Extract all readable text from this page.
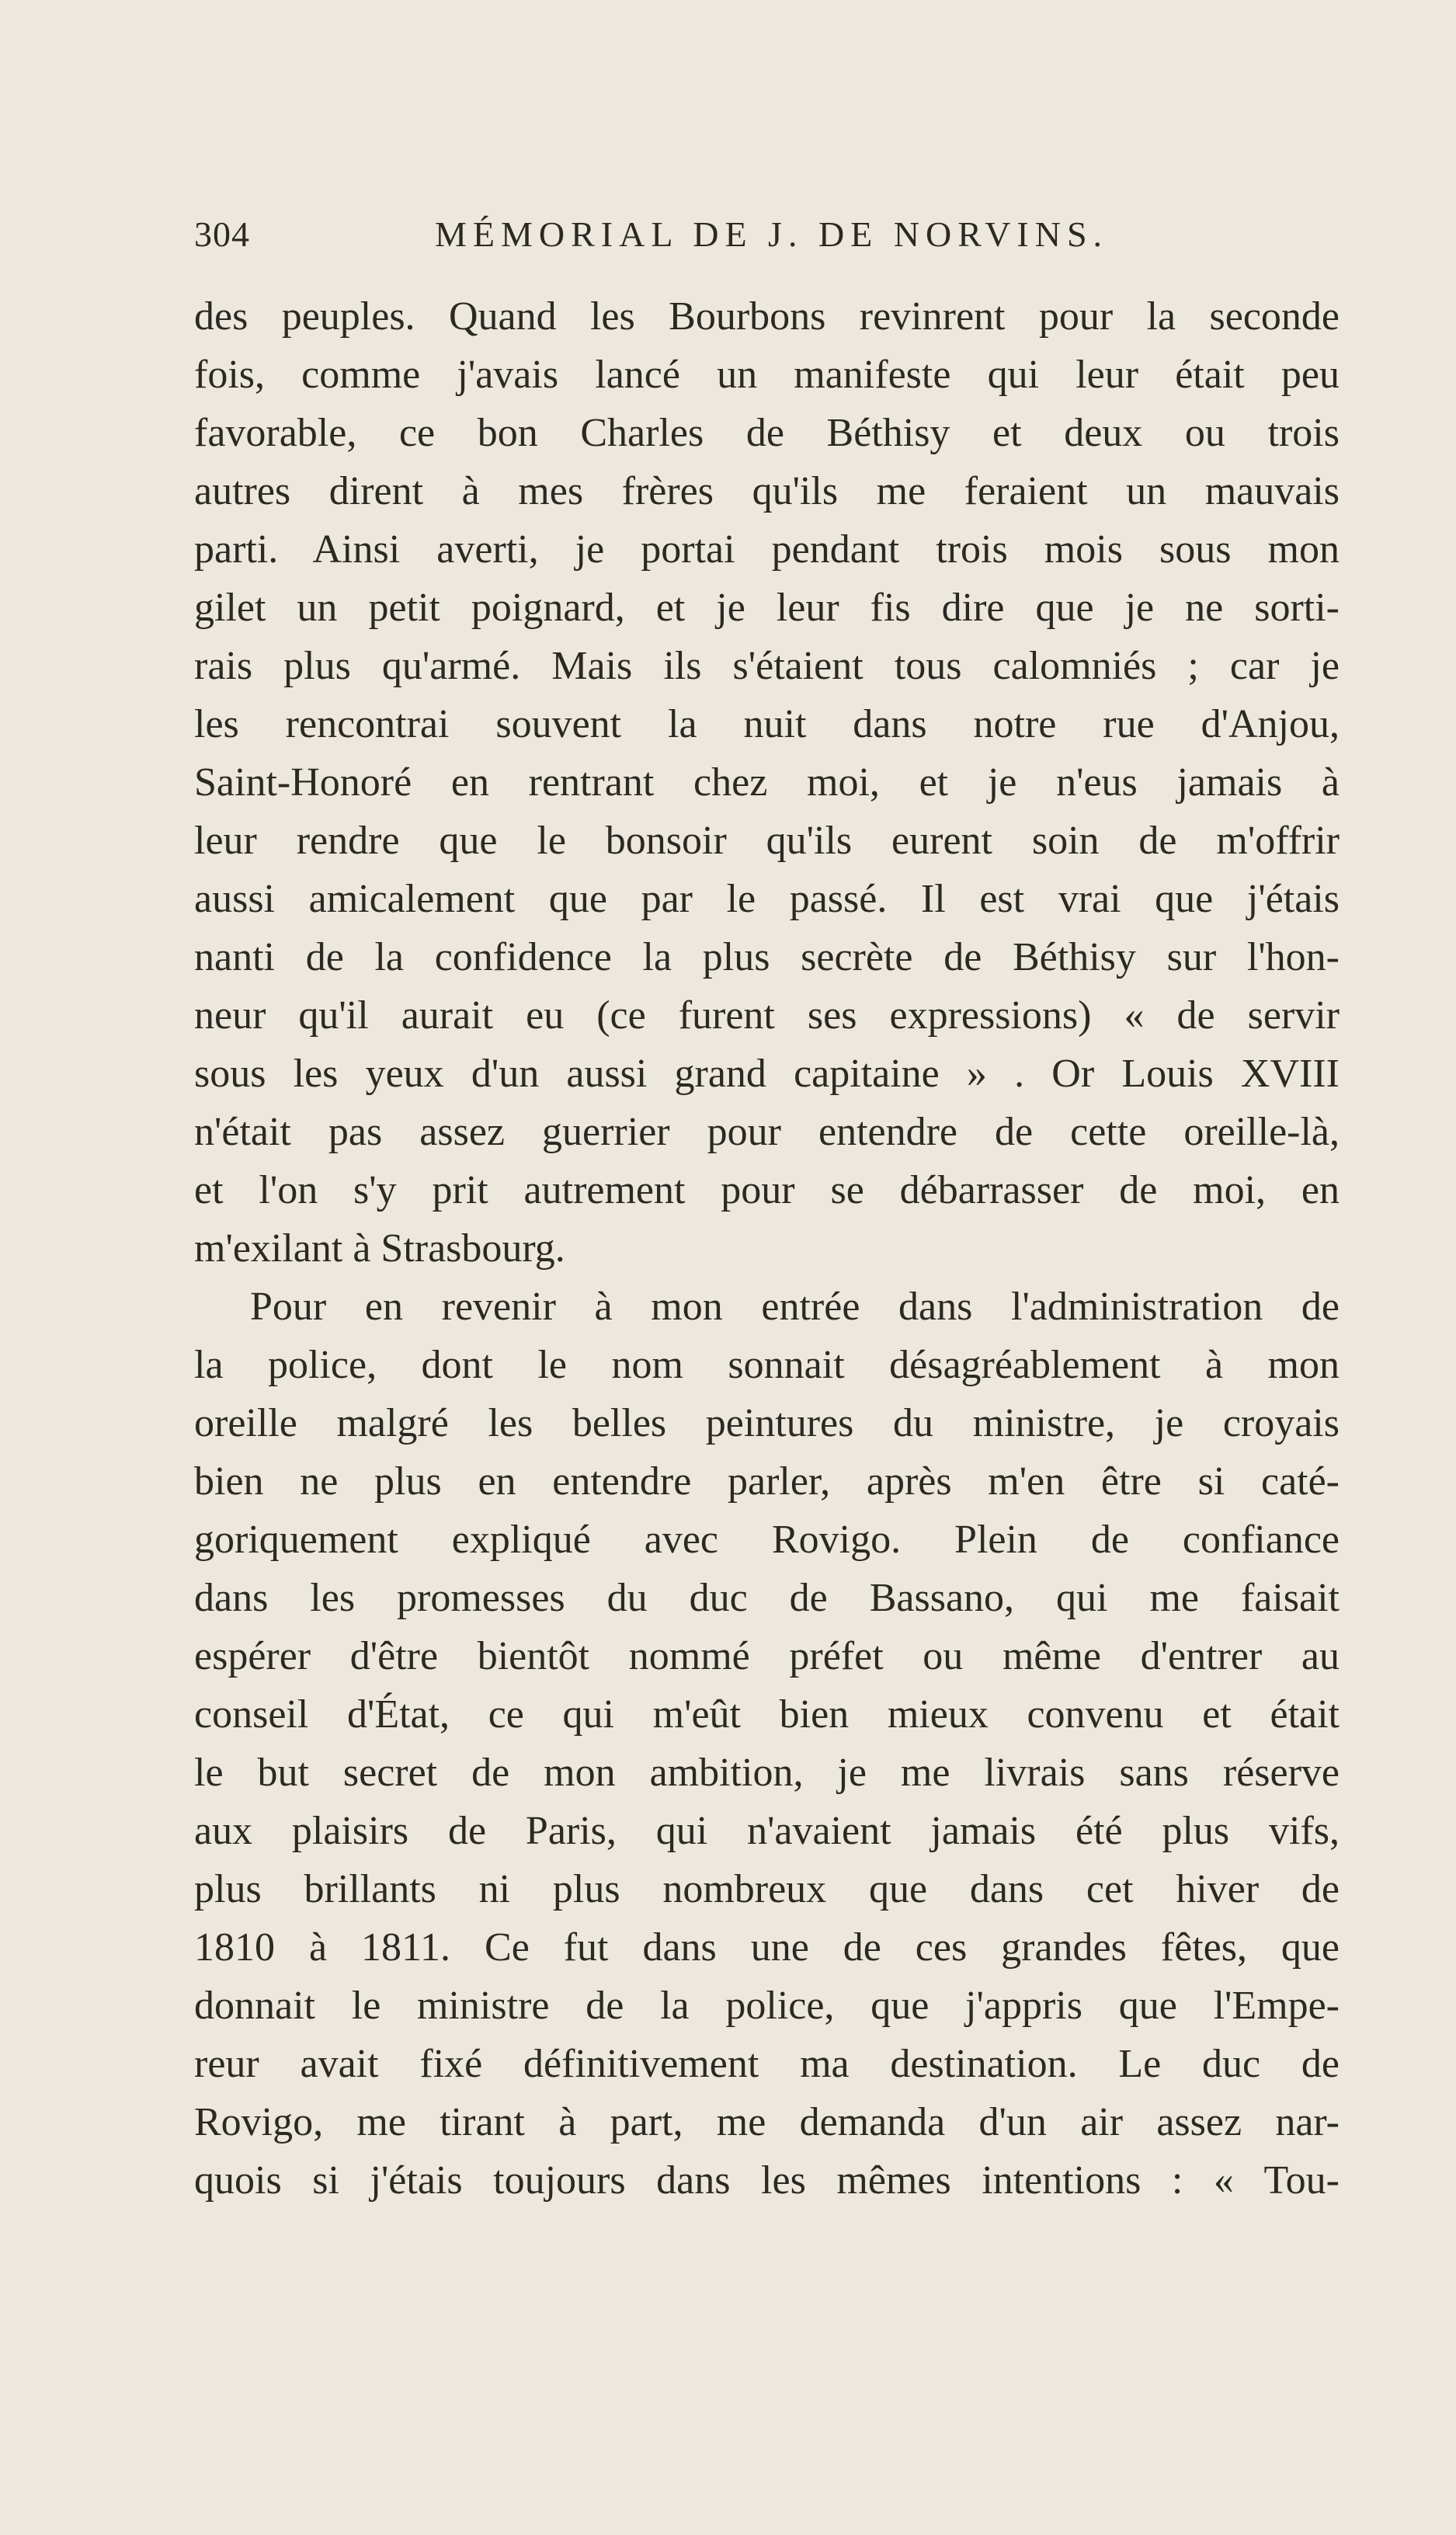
304	MÉMORIAL DE J. DE NORVINS.
des peuples. Quand les Bourbons revinrent pour la seconde
fois, comme j'avais lancé un manifeste qui leur était peu
favorable, ce bon Charles de Béthisy et deux ou trois
autres dirent à mes frères qu'ils me feraient un mauvais
parti. Ainsi averti, je portai pendant trois mois sous mon
gilet un petit poignard, et je leur fis dire que je ne sorti-
rais plus qu'armé. Mais ils s'étaient tous calomniés ; car je
les rencontrai souvent la nuit dans notre rue d'Anjou,
Saint-Honoré en rentrant chez moi, et je n'eus jamais à
leur rendre que le bonsoir qu'ils eurent soin de m'offrir
aussi amicalement que par le passé. Il est vrai que j'étais
nanti de la confidence la plus secrète de Béthisy sur l'hon-
neur qu'il aurait eu (ce furent ses expressions) « de servir
sous les yeux d'un aussi grand capitaine » . Or Louis XVIII
n'était pas assez guerrier pour entendre de cette oreille-là,
et l'on s'y prit autrement pour se débarrasser de moi, en
m'exilant à Strasbourg.
Pour en revenir à mon entrée dans l'administration de
la police, dont le nom sonnait désagréablement à mon
oreille malgré les belles peintures du ministre, je croyais
bien ne plus en entendre parler, après m'en être si caté-
goriquement expliqué avec Rovigo. Plein de confiance
dans les promesses du duc de Bassano, qui me faisait
espérer d'être bientôt nommé préfet ou même d'entrer au
conseil d'État, ce qui m'eût bien mieux convenu et était
le but secret de mon ambition, je me livrais sans réserve
aux plaisirs de Paris, qui n'avaient jamais été plus vifs,
plus brillants ni plus nombreux que dans cet hiver de
1810 à 1811. Ce fut dans une de ces grandes fêtes, que
donnait le ministre de la police, que j'appris que l'Empe-
reur avait fixé définitivement ma destination. Le duc de
Rovigo, me tirant à part, me demanda d'un air assez nar-
quois si j'étais toujours dans les mêmes intentions : « Tou-
